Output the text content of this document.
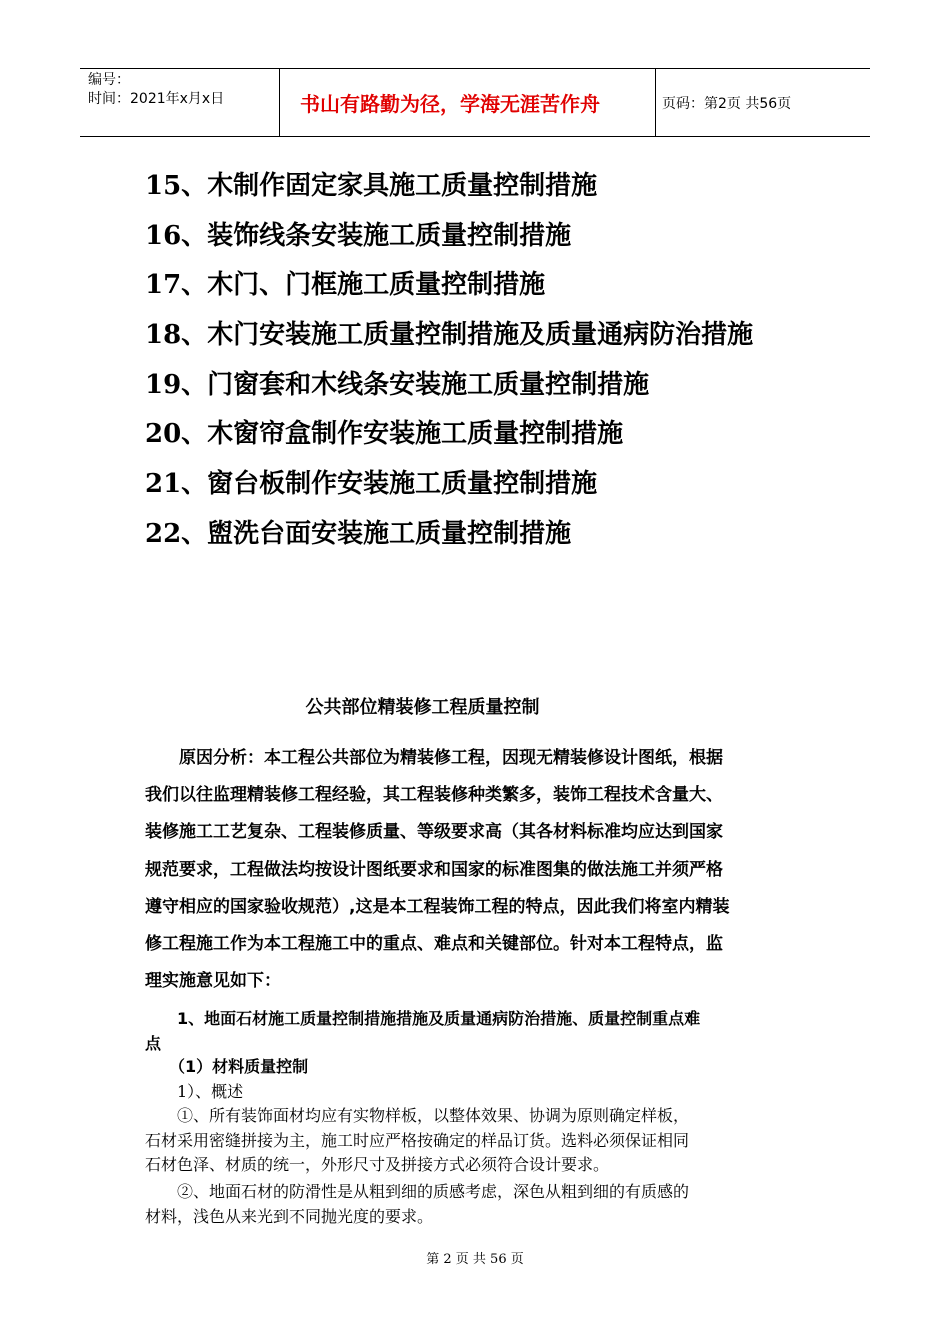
编号：
时间：2021年x月x日	书山有路勤为径，学海无涯苦作舟	页码：第2页 共56页
15、木制作固定家具施工质量控制措施
16、装饰线条安装施工质量控制措施
17、木门、门框施工质量控制措施
18、木门安装施工质量控制措施及质量通病防治措施
19、门窗套和木线条安装施工质量控制措施
20、木窗帘盒制作安装施工质量控制措施
21、窗台板制作安装施工质量控制措施
22、盥洗台面安装施工质量控制措施
公共部位精装修工程质量控制
　　原因分析：本工程公共部位为精装修工程，因现无精装修设计图纸，根据
我们以往监理精装修工程经验，其工程装修种类繁多，装饰工程技术含量大、
装修施工工艺复杂、工程装修质量、等级要求高（其各材料标准均应达到国家
规范要求，工程做法均按设计图纸要求和国家的标准图集的做法施工并须严格
遵守相应的国家验收规范）,这是本工程装饰工程的特点，因此我们将室内精装
修工程施工作为本工程施工中的重点、难点和关键部位。针对本工程特点，监
理实施意见如下：
　　1、地面石材施工质量控制措施措施及质量通病防治措施、质量控制重点难
点
　　（1）材料质量控制
　　1）、概述
　　①、所有装饰面材均应有实物样板，以整体效果、协调为原则确定样板，
石材采用密缝拼接为主，施工时应严格按确定的样品订货。选料必须保证相同
石材色泽、材质的统一，外形尺寸及拼接方式必须符合设计要求。
　　②、地面石材的防滑性是从粗到细的质感考虑，深色从粗到细的有质感的
材料，浅色从来光到不同抛光度的要求。
第 2 页 共 56 页
